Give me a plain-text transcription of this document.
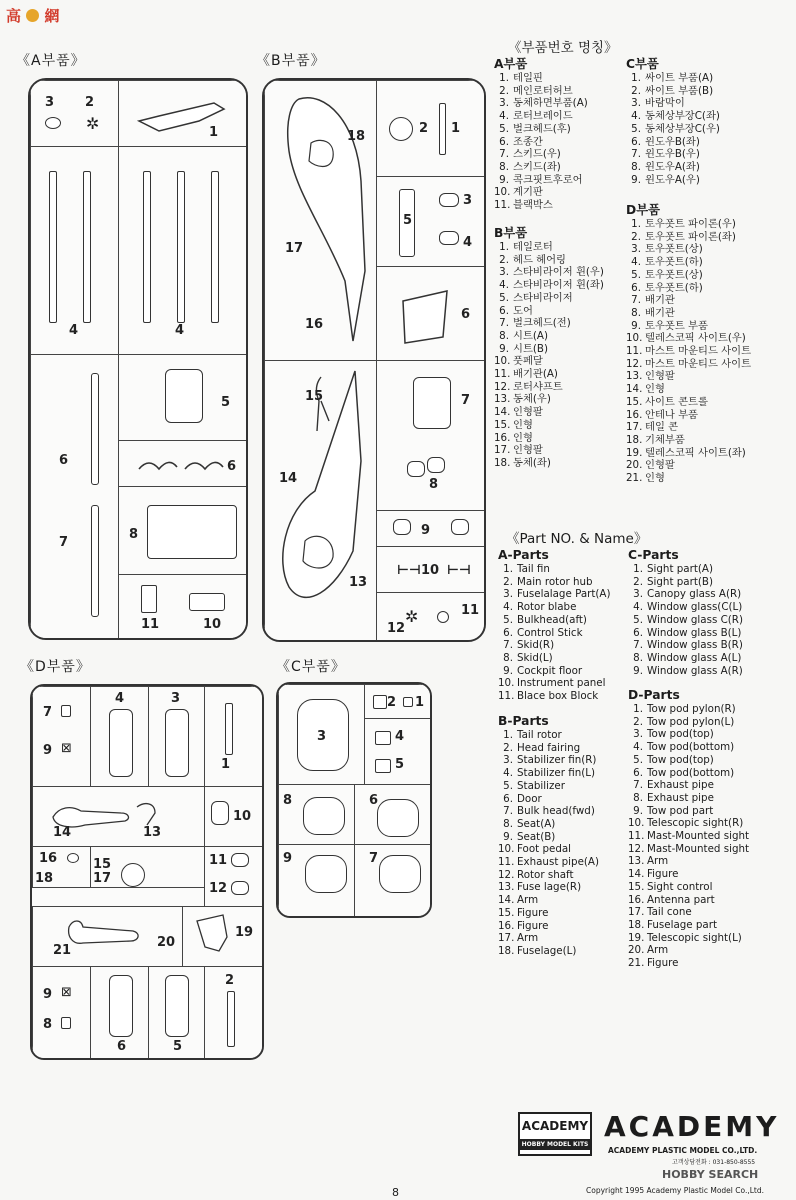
高 網
《A부품》	《B부품》
《D부품》	《C부품》
3 2
✲	1
4	4
6
7
5
6
8
11	10
18
17
16
2 1
5
3
4
6
15
14
13
7
8
9
⊢⊣ 10 ⊢⊣
12
✲	11
7
9 ⊠
4	3
1
14	13
10
16
18
15
17
11
12
21
20
19
9 ⊠
8
6	5
2
3
2 1
4
5
8	6
9	7
《부품번호 명칭》
A부품
1. 테일핀
2. 메인로터허브
3. 동체하면부품(A)
4. 로터브레이드
5. 벌크헤드(후)
6. 조종간
7. 스키드(우)
8. 스키드(좌)
9. 콕크핏트후로어
10. 계기판
11. 블랙박스
B부품
1. 테일로터
2. 헤드 헤어링
3. 스타비라이저 휜(우)
4. 스타비라이저 휜(좌)
5. 스타비라이저
6. 도어
7. 벌크헤드(전)
8. 시트(A)
9. 시트(B)
10. 풋페달
11. 배기관(A)
12. 로터샤프트
13. 동체(우)
14. 인형팔
15. 인형
16. 인형
17. 인형팔
18. 동체(좌)
C부품
1. 싸이트 부품(A)
2. 싸이트 부품(B)
3. 바람막이
4. 동체상부장C(좌)
5. 동체상부장C(우)
6. 윈도우B(좌)
7. 윈도우B(우)
8. 윈도우A(좌)
9. 윈도우A(우)
D부품
1. 토우폿트 파이론(우)
2. 토우폿트 파이론(좌)
3. 토우폿트(상)
4. 토우폿트(하)
5. 토우폿트(상)
6. 토우폿트(하)
7. 배기관
8. 배기관
9. 토우폿트 부품
10. 텔레스코픽 사이트(우)
11. 마스트 마운티드 사이트
12. 마스트 마운티드 사이트
13. 인형팔
14. 인형
15. 사이트 콘트롤
16. 안테나 부품
17. 테일 콘
18. 기체부품
19. 텔레스코픽 사이트(좌)
20. 인형팔
21. 인형
《Part NO. & Name》
A-Parts
1. Tail fin
2. Main rotor hub
3. Fuselalage Part(A)
4. Rotor blabe
5. Bulkhead(aft)
6. Control Stick
7. Skid(R)
8. Skid(L)
9. Cockpit floor
10. Instrument panel
11. Blace box Block
B-Parts
1. Tail rotor
2. Head fairing
3. Stabilizer fin(R)
4. Stabilizer fin(L)
5. Stabilizer
6. Door
7. Bulk head(fwd)
8. Seat(A)
9. Seat(B)
10. Foot pedal
11. Exhaust pipe(A)
12. Rotor shaft
13. Fuse lage(R)
14. Arm
15. Figure
16. Figure
17. Arm
18. Fuselage(L)
C-Parts
1. Sight part(A)
2. Sight part(B)
3. Canopy glass A(R)
4. Window glass(C(L)
5. Window glass C(R)
6. Window glass B(L)
7. Window glass B(R)
8. Window glass A(L)
9. Window glass A(R)
D-Parts
1. Tow pod pylon(R)
2. Tow pod pylon(L)
3. Tow pod(top)
4. Tow pod(bottom)
5. Tow pod(top)
6. Tow pod(bottom)
7. Exhaust pipe
8. Exhaust pipe
9. Tow pod part
10. Telescopic sight(R)
11. Mast-Mounted sight
12. Mast-Mounted sight
13. Arm
14. Figure
15. Sight control
16. Antenna part
17. Tail cone
18. Fuselage part
19. Telescopic sight(L)
20. Arm
21. Figure
ACADEMY
HOBBY MODEL KITS
ACADEMY
ACADEMY PLASTIC MODEL CO.,LTD.
고객상담전화 : 031-850-8555
HOBBY SEARCH
8	Copyright 1995 Academy Plastic Model Co.,Ltd.
